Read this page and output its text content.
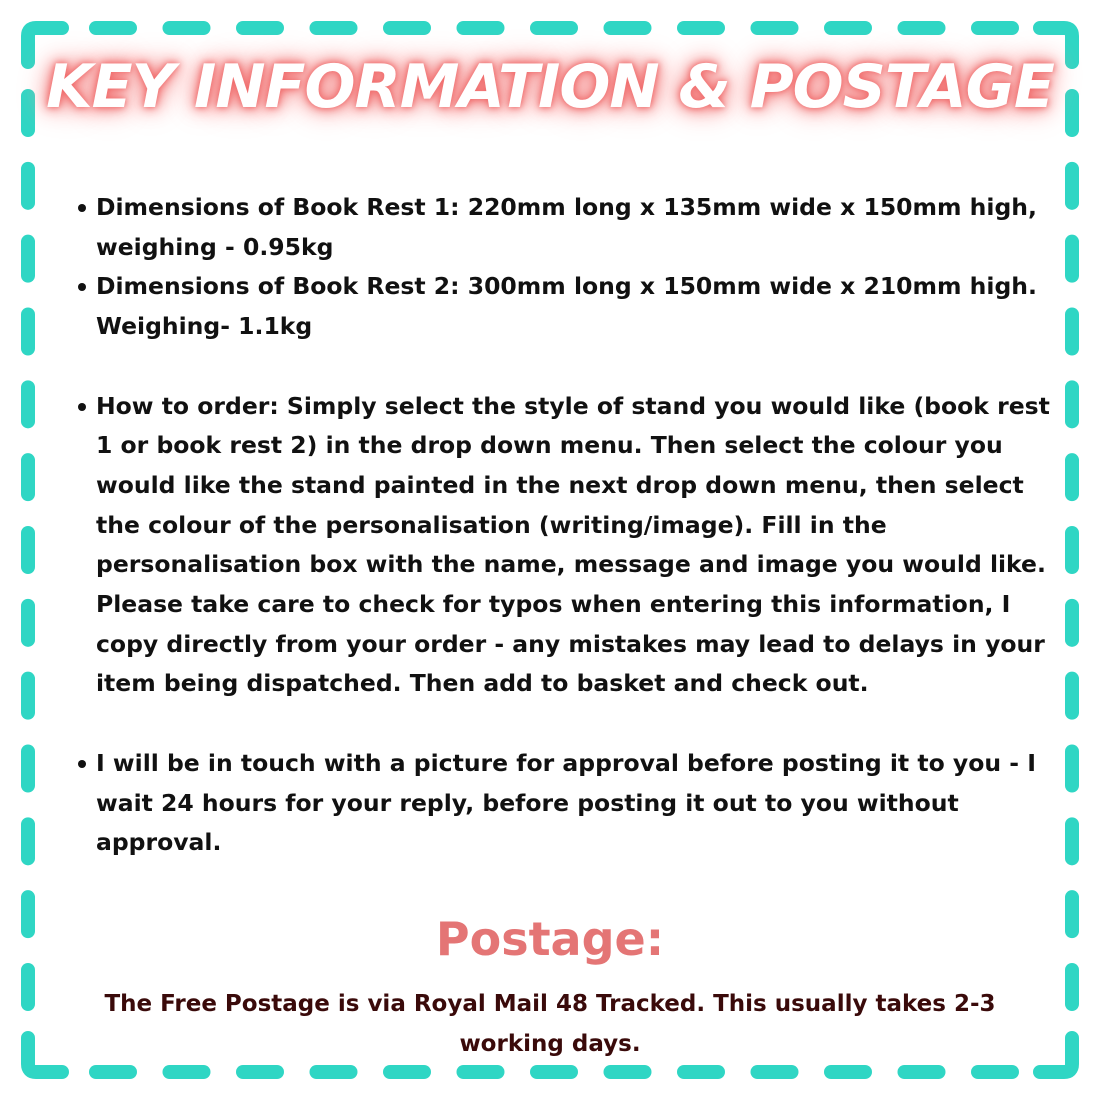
KEY INFORMATION & POSTAGE
Dimensions of Book Rest 1: 220mm long x 135mm wide x 150mm high, weighing - 0.95kg
Dimensions of Book Rest 2: 300mm long x 150mm wide x 210mm high. Weighing- 1.1kg
How to order: Simply select the style of stand you would like (book rest 1 or book rest 2) in the drop down menu. Then select the colour you would like the stand painted in the next drop down menu, then select the colour of the personalisation (writing/image). Fill in the personalisation box with the name, message and image you would like. Please take care to check for typos when entering this information, I copy directly from your order - any mistakes may lead to delays in your item being dispatched. Then add to basket and check out.
I will be in touch with a picture for approval before posting it to you - I wait 24 hours for your reply, before posting it out to you without approval.
Postage:
The Free Postage is via Royal Mail 48 Tracked. This usually takes 2-3 working days.
